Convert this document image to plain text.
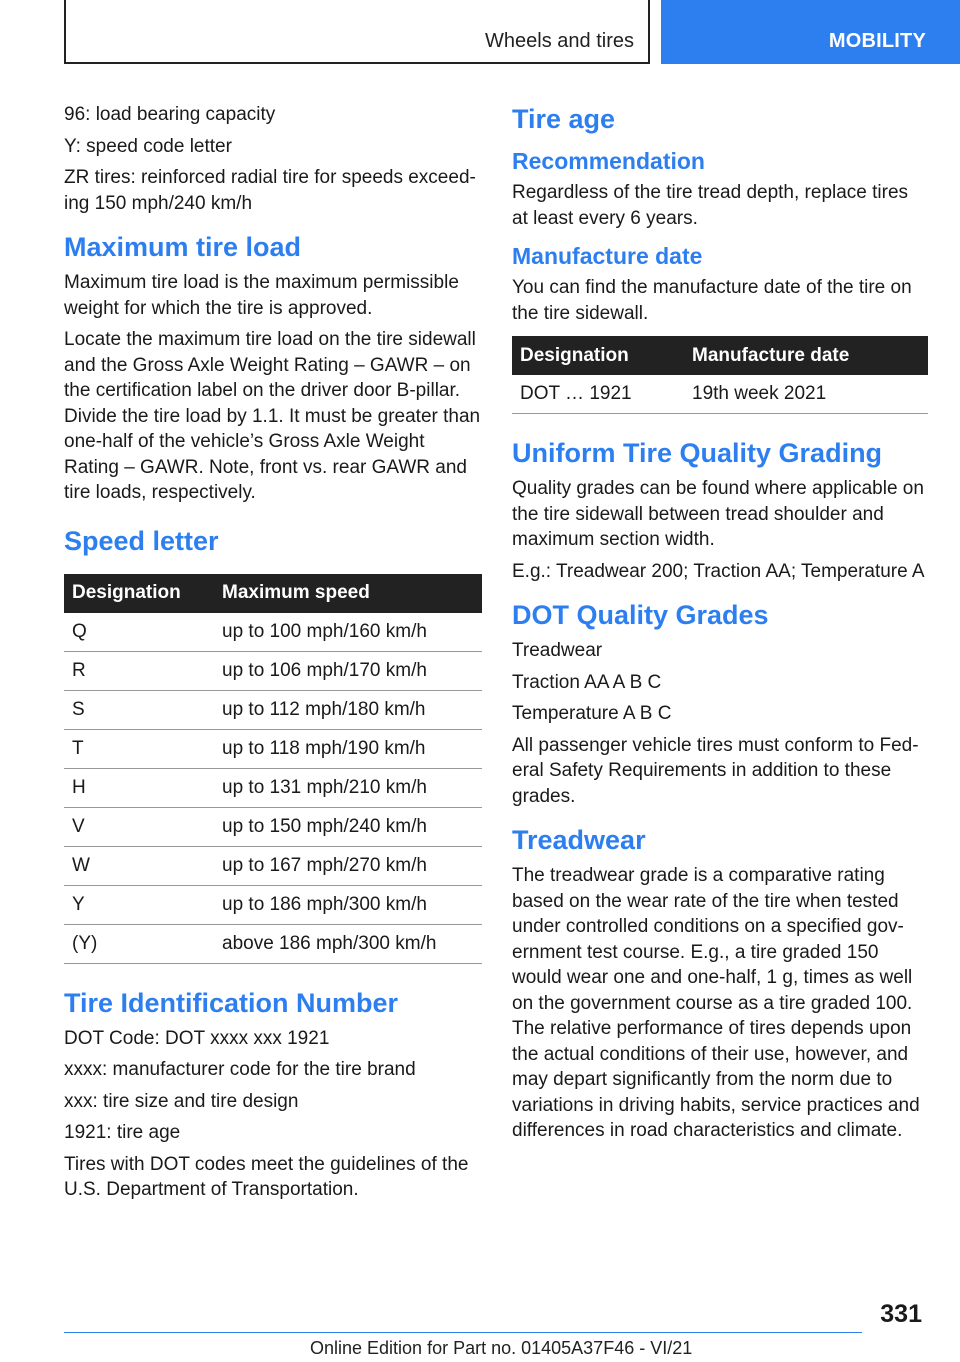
Wheels and tires	MOBILITY

96: load bearing capacity

Y: speed code letter

ZR tires: reinforced radial tire for speeds exceed-ing 150 mph/240 km/h

Maximum tire load

Maximum tire load is the maximum permissible weight for which the tire is approved.

Locate the maximum tire load on the tire sidewall and the Gross Axle Weight Rating – GAWR – on the certification label on the driver door B-pillar. Divide the tire load by 1.1. It must be greater than one-half of the vehicle’s Gross Axle Weight Rating – GAWR. Note, front vs. rear GAWR and tire loads, respectively.

Speed letter
Designation	Maximum speed
Q	up to 100 mph/160 km/h
R	up to 106 mph/170 km/h
S	up to 112 mph/180 km/h
T	up to 118 mph/190 km/h
H	up to 131 mph/210 km/h
V	up to 150 mph/240 km/h
W	up to 167 mph/270 km/h
Y	up to 186 mph/300 km/h
(Y)	above 186 mph/300 km/h
Tire Identification Number

DOT Code: DOT xxxx xxx 1921

xxxx: manufacturer code for the tire brand

xxx: tire size and tire design

1921: tire age

Tires with DOT codes meet the guidelines of the U.S. Department of Transportation.

Tire age
Recommendation

Regardless of the tire tread depth, replace tires at least every 6 years.

Manufacture date

You can find the manufacture date of the tire on the tire sidewall.

Designation	Manufacture date
DOT … 1921	19th week 2021
Uniform Tire Quality Grading

Quality grades can be found where applicable on the tire sidewall between tread shoulder and maximum section width.

E.g.: Treadwear 200; Traction AA; Temperature A

DOT Quality Grades

Treadwear

Traction AA A B C

Temperature A B C

All passenger vehicle tires must conform to Fed-eral Safety Requirements in addition to these grades.

Treadwear

The treadwear grade is a comparative rating based on the wear rate of the tire when tested under controlled conditions on a specified gov-ernment test course. E.g., a tire graded 150 would wear one and one-half, 1 g, times as well on the government course as a tire graded 100. The relative performance of tires depends upon the actual conditions of their use, however, and may depart significantly from the norm due to variations in driving habits, service practices and differences in road characteristics and climate.

331
Online Edition for Part no. 01405A37F46 - VI/21
